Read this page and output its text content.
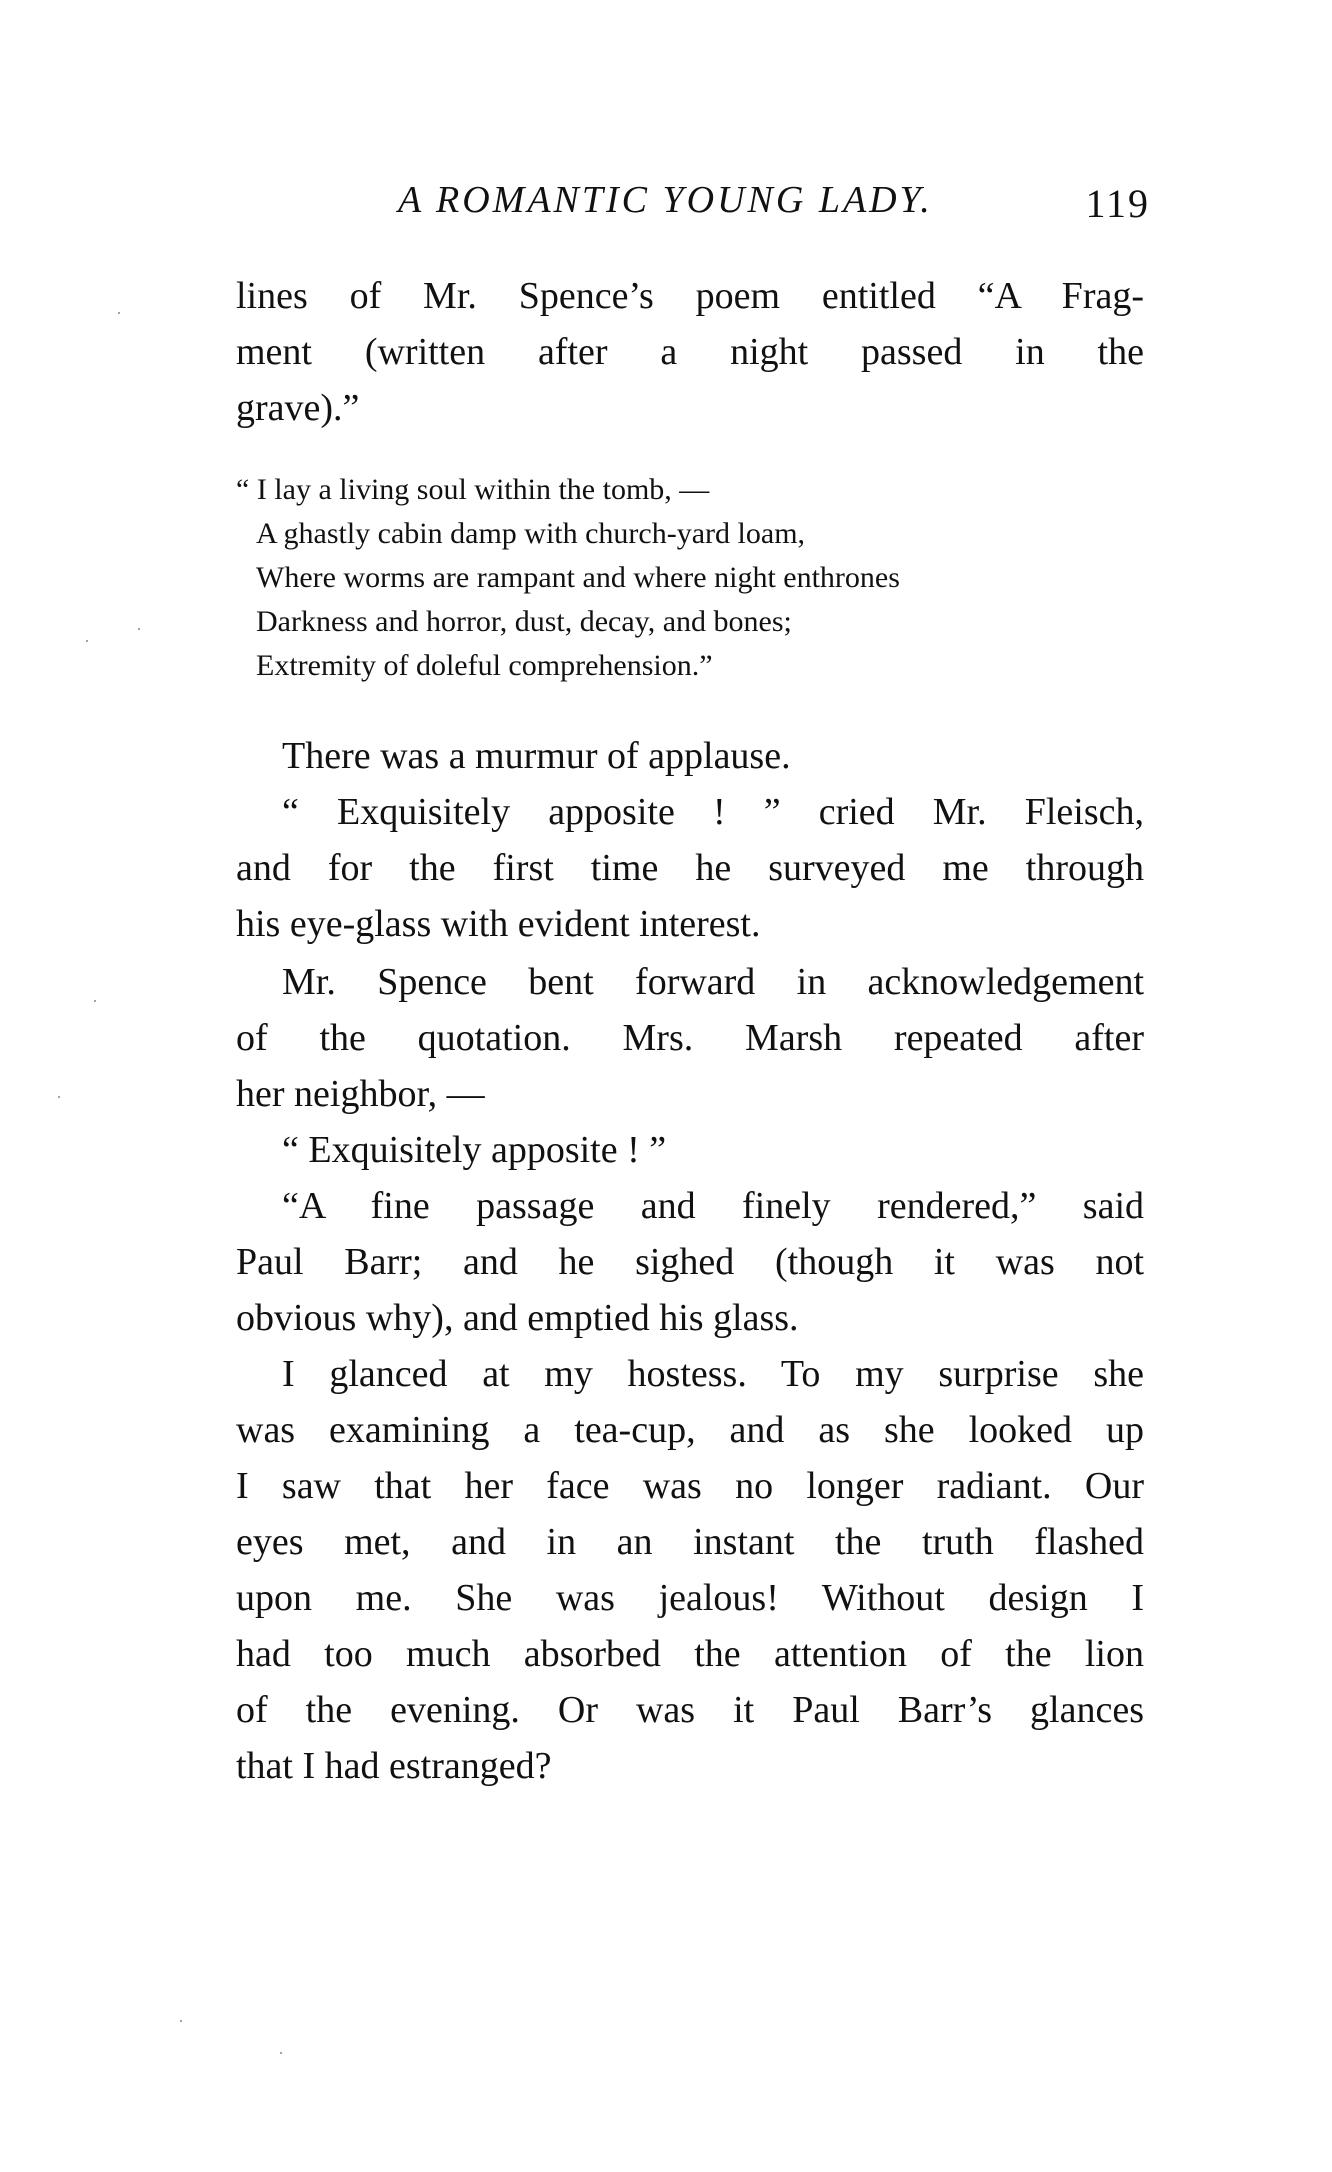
A ROMANTIC YOUNG LADY.	119
lines of Mr. Spence’s poem entitled “A Frag-
ment (written after a night passed in the
grave).”
“ I lay a living soul within the tomb, —
A ghastly cabin damp with church-yard loam,
Where worms are rampant and where night enthrones
Darkness and horror, dust, decay, and bones;
Extremity of doleful comprehension.”
There was a murmur of applause.
“ Exquisitely apposite ! ” cried Mr. Fleisch,
and for the first time he surveyed me through
his eye-glass with evident interest.
Mr. Spence bent forward in acknowledgement
of the quotation. Mrs. Marsh repeated after
her neighbor, —
“ Exquisitely apposite ! ”
“A fine passage and finely rendered,” said
Paul Barr; and he sighed (though it was not
obvious why), and emptied his glass.
I glanced at my hostess. To my surprise she
was examining a tea-cup, and as she looked up
I saw that her face was no longer radiant. Our
eyes met, and in an instant the truth flashed
upon me. She was jealous! Without design I
had too much absorbed the attention of the lion
of the evening. Or was it Paul Barr’s glances
that I had estranged?
